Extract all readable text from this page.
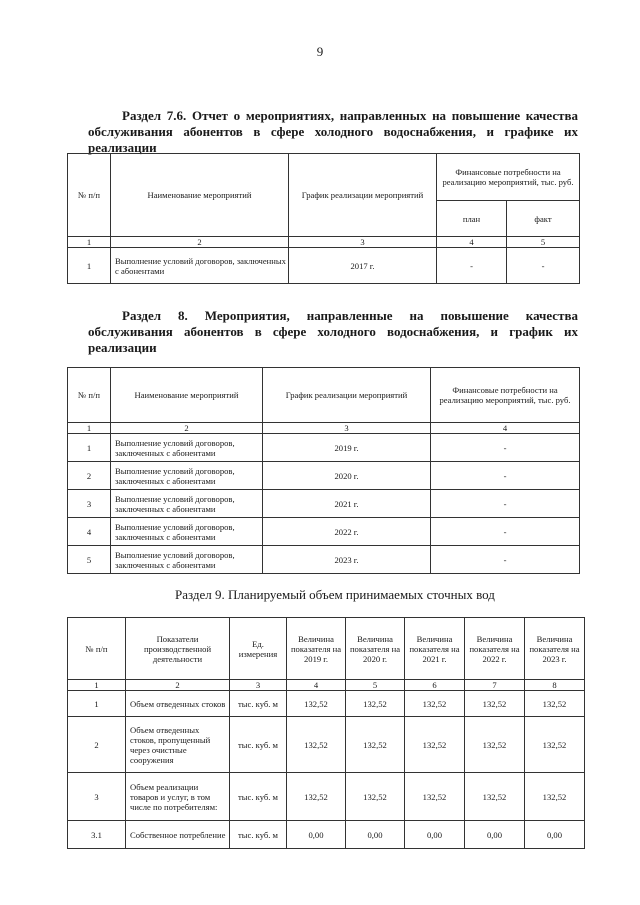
9

Раздел 7.6. Отчет о мероприятиях, направленных на повышение качества

обслуживания абонентов в сфере холодного водоснабжения, и графике их

реализации

№ п/п	Наименование мероприятий	График реализации мероприятий	Финансовые потребности на реализацию мероприятий, тыс. руб.	
			план	факт
1	2	3	4	5
1	Выполнение условий договоров, заключенных с абонентами	2017 г.	-	-

Раздел 8. Мероприятия, направленные на повышение качества

обслуживания абонентов в сфере холодного водоснабжения, и график их

реализации

№ п/п	Наименование мероприятий	График реализации мероприятий	Финансовые потребности на реализацию мероприятий, тыс. руб.
1	2	3	4
1	Выполнение условий договоров, заключенных с абонентами	2019 г.	-
2	Выполнение условий договоров, заключенных с абонентами	2020 г.	-
3	Выполнение условий договоров, заключенных с абонентами	2021 г.	-
4	Выполнение условий договоров, заключенных с абонентами	2022 г.	-
5	Выполнение условий договоров, заключенных с абонентами	2023 г.	-
Раздел 9. Планируемый объем принимаемых сточных вод
№ п/п	Показатели производственной деятельности	Ед. измерения	Величина показателя на 2019 г.	Величина показателя на 2020 г.	Величина показателя на 2021 г.	Величина показателя на 2022 г.	Величина показателя на 2023 г.
1	2	3	4	5	6	7	8
1	Объем отведенных стоков	тыс. куб. м	132,52	132,52	132,52	132,52	132,52
2	Объем отведенных стоков, пропущенный через очистные сооружения	тыс. куб. м	132,52	132,52	132,52	132,52	132,52
3	Объем реализации товаров и услуг, в том числе по потребителям:	тыс. куб. м	132,52	132,52	132,52	132,52	132,52
3.1	Собственное потребление	тыс. куб. м	0,00	0,00	0,00	0,00	0,00
